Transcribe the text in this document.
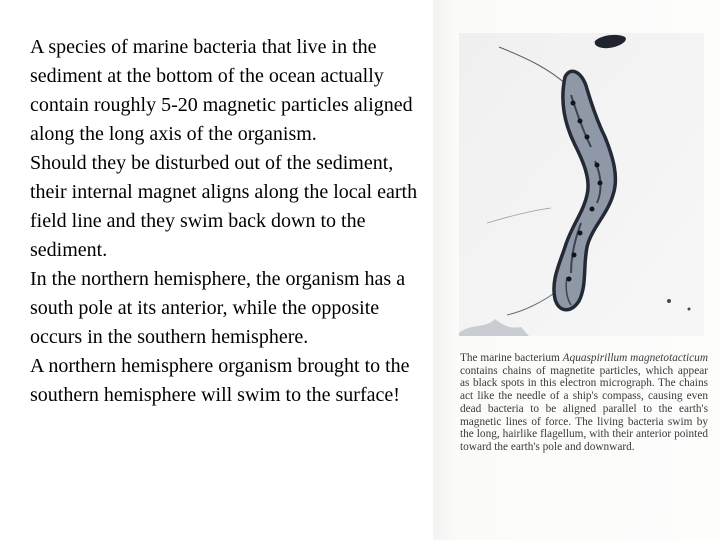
A species of marine bacteria that live in the sediment at the bottom of the ocean actually contain roughly 5-20 magnetic particles aligned along the long axis of the organism.

Should they be disturbed out of the sediment, their internal magnet aligns along the local earth field line and they swim back down to the sediment.

In the northern hemisphere, the organism has a south pole at its anterior, while the opposite occurs in the southern hemisphere.

A northern hemisphere organism brought to the southern hemisphere will swim to the surface!

The marine bacterium Aquaspirillum magnetotacticum contains chains of magnetite particles, which appear as black spots in this electron micrograph. The chains act like the needle of a ship's compass, causing even dead bacteria to be aligned parallel to the earth's magnetic lines of force. The living bacteria swim by the long, hairlike flagellum, with their anterior pointed toward the earth's pole and downward.
